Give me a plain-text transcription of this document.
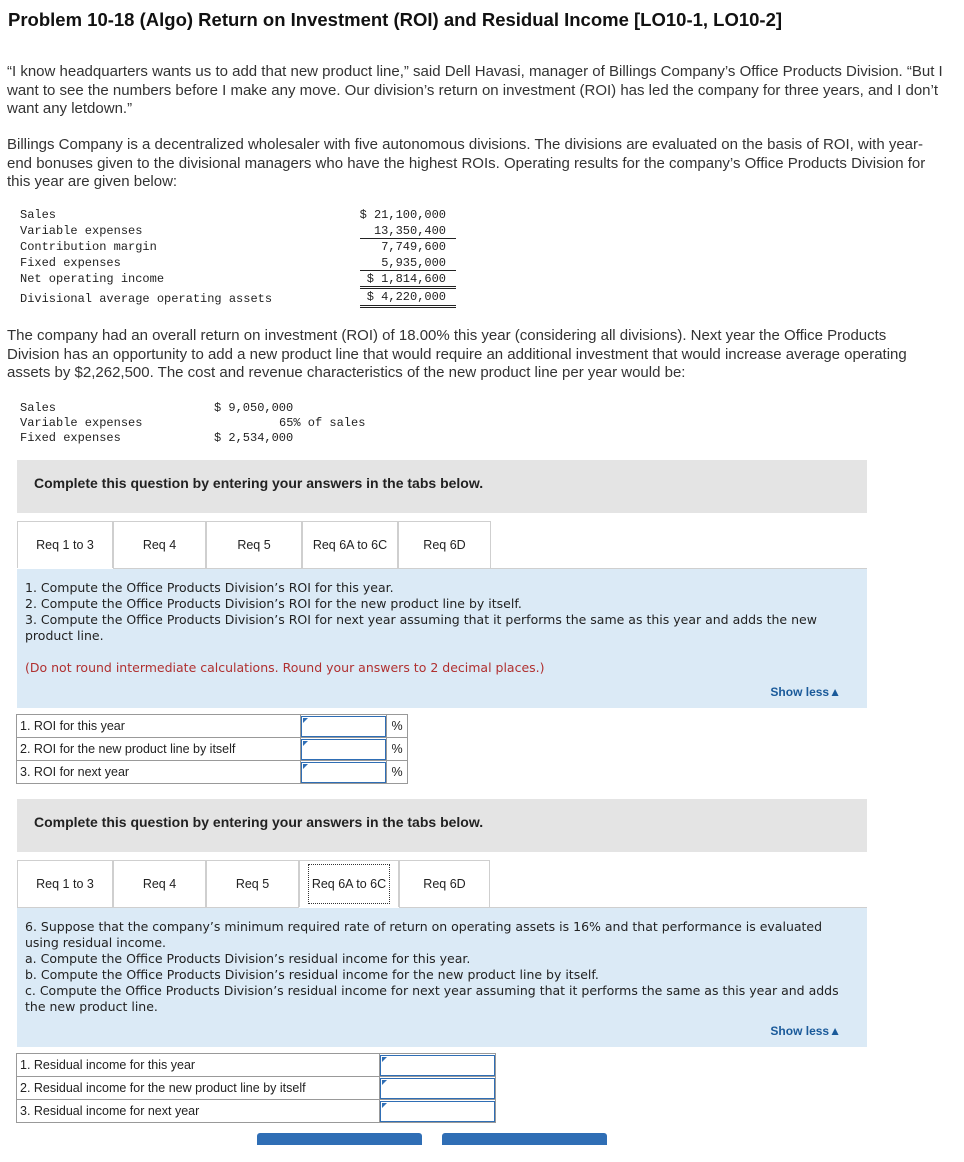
Problem 10-18 (Algo) Return on Investment (ROI) and Residual Income [LO10-1, LO10-2]
“I know headquarters wants us to add that new product line,” said Dell Havasi, manager of Billings Company’s Office Products Division. “But I want to see the numbers before I make any move. Our division’s return on investment (ROI) has led the company for three years, and I don’t want any letdown.”
Billings Company is a decentralized wholesaler with five autonomous divisions. The divisions are evaluated on the basis of ROI, with year-end bonuses given to the divisional managers who have the highest ROIs. Operating results for the company’s Office Products Division for this year are given below:
Sales	$ 21,100,000
Variable expenses	13,350,400
Contribution margin	7,749,600
Fixed expenses	5,935,000
Net operating income	$ 1,814,600
Divisional average operating assets	$ 4,220,000
The company had an overall return on investment (ROI) of 18.00% this year (considering all divisions). Next year the Office Products Division has an opportunity to add a new product line that would require an additional investment that would increase average operating assets by $2,262,500. The cost and revenue characteristics of the new product line per year would be:
Sales	$ 9,050,000
Variable expenses	65% of sales
Fixed expenses	$ 2,534,000
Complete this question by entering your answers in the tabs below.
Req 1 to 3	Req 4	Req 5	Req 6A to 6C	Req 6D
1. Compute the Office Products Division’s ROI for this year.
2. Compute the Office Products Division’s ROI for the new product line by itself.
3. Compute the Office Products Division’s ROI for next year assuming that it performs the same as this year and adds the new product line.
(Do not round intermediate calculations. Round your answers to 2 decimal places.)
Show less▲
1. ROI for this year		%
2. ROI for the new product line by itself		%
3. ROI for next year		%
Complete this question by entering your answers in the tabs below.
Req 1 to 3	Req 4	Req 5	Req 6A to 6C	Req 6D
6. Suppose that the company’s minimum required rate of return on operating assets is 16% and that performance is evaluated using residual income.
a. Compute the Office Products Division’s residual income for this year.
b. Compute the Office Products Division’s residual income for the new product line by itself.
c. Compute the Office Products Division’s residual income for next year assuming that it performs the same as this year and adds the new product line.
Show less▲
1. Residual income for this year	

2. Residual income for the new product line by itself	

3. Residual income for next year	
